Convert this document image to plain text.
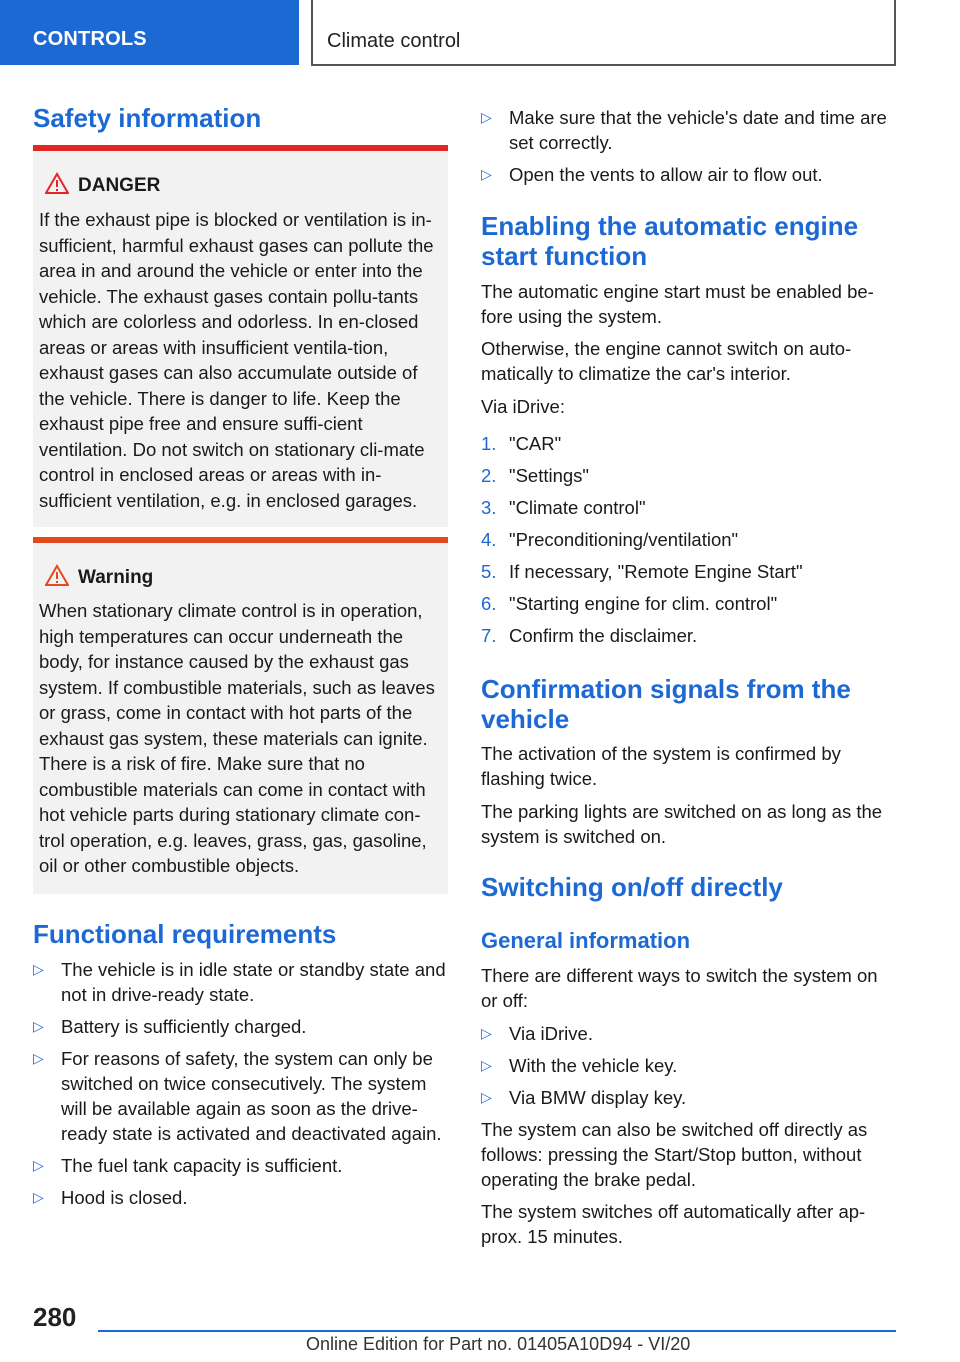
CONTROLS	Climate control
Safety information
DANGER
If the exhaust pipe is blocked or ventilation is in-sufficient, harmful exhaust gases can pollute the area in and around the vehicle or enter into the vehicle. The exhaust gases contain pollu-tants which are colorless and odorless. In en-closed areas or areas with insufficient ventila-tion, exhaust gases can also accumulate outside of the vehicle. There is danger to life. Keep the exhaust pipe free and ensure suffi-cient ventilation. Do not switch on stationary cli-mate control in enclosed areas or areas with in-sufficient ventilation, e.g. in enclosed garages.
Warning
When stationary climate control is in operation, high temperatures can occur underneath the body, for instance caused by the exhaust gas system. If combustible materials, such as leaves or grass, come in contact with hot parts of the exhaust gas system, these materials can ignite. There is a risk of fire. Make sure that no combustible materials can come in contact with hot vehicle parts during stationary climate con-trol operation, e.g. leaves, grass, gas, gasoline, oil or other combustible objects.
Functional requirements
▷ The vehicle is in idle state or standby state and not in drive-ready state.
▷ Battery is sufficiently charged.
▷ For reasons of safety, the system can only be switched on twice consecutively. The system will be available again as soon as the drive-ready state is activated and deactivated again.
▷ The fuel tank capacity is sufficient.
▷ Hood is closed.
▷ Make sure that the vehicle's date and time are set correctly.
▷ Open the vents to allow air to flow out.
Enabling the automatic engine start function

The automatic engine start must be enabled be-fore using the system.

Otherwise, the engine cannot switch on auto-matically to climatize the car's interior.

Via iDrive:

1. "CAR"
2. "Settings"
3. "Climate control"
4. "Preconditioning/ventilation"
5. If necessary, "Remote Engine Start"
6. "Starting engine for clim. control"
7. Confirm the disclaimer.
Confirmation signals from the vehicle

The activation of the system is confirmed by flashing twice.

The parking lights are switched on as long as the system is switched on.

Switching on/off directly
General information

There are different ways to switch the system on or off:

▷ Via iDrive.
▷ With the vehicle key.
▷ Via BMW display key.

The system can also be switched off directly as follows: pressing the Start/Stop button, without operating the brake pedal.

The system switches off automatically after ap-prox. 15 minutes.

280
Online Edition for Part no. 01405A10D94 - VI/20
